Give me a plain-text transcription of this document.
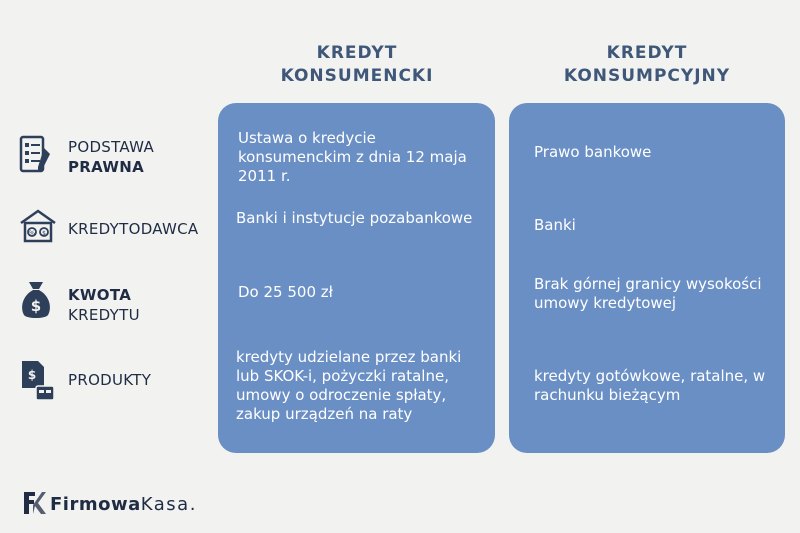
KREDYT
KONSUMENCKI
KREDYT
KONSUMPCYJNY
Ustawa o kredycie konsumenckim z dnia 12 maja 2011 r.
Banki i instytucje pozabankowe
Do 25 500 zł
kredyty udzielane przez banki lub SKOK-i, pożyczki ratalne, umowy o odroczenie spłaty, zakup urządzeń na raty
Prawo bankowe
Banki
Brak górnej granicy wysokości umowy kredytowej
kredyty gotówkowe, ratalne, w rachunku bieżącym
PODSTAWA
PRAWNA
% $ KREDYTODAWCA
$
KWOTA
KREDYTU
$ PRODUKTY
FirmowaKasa.
